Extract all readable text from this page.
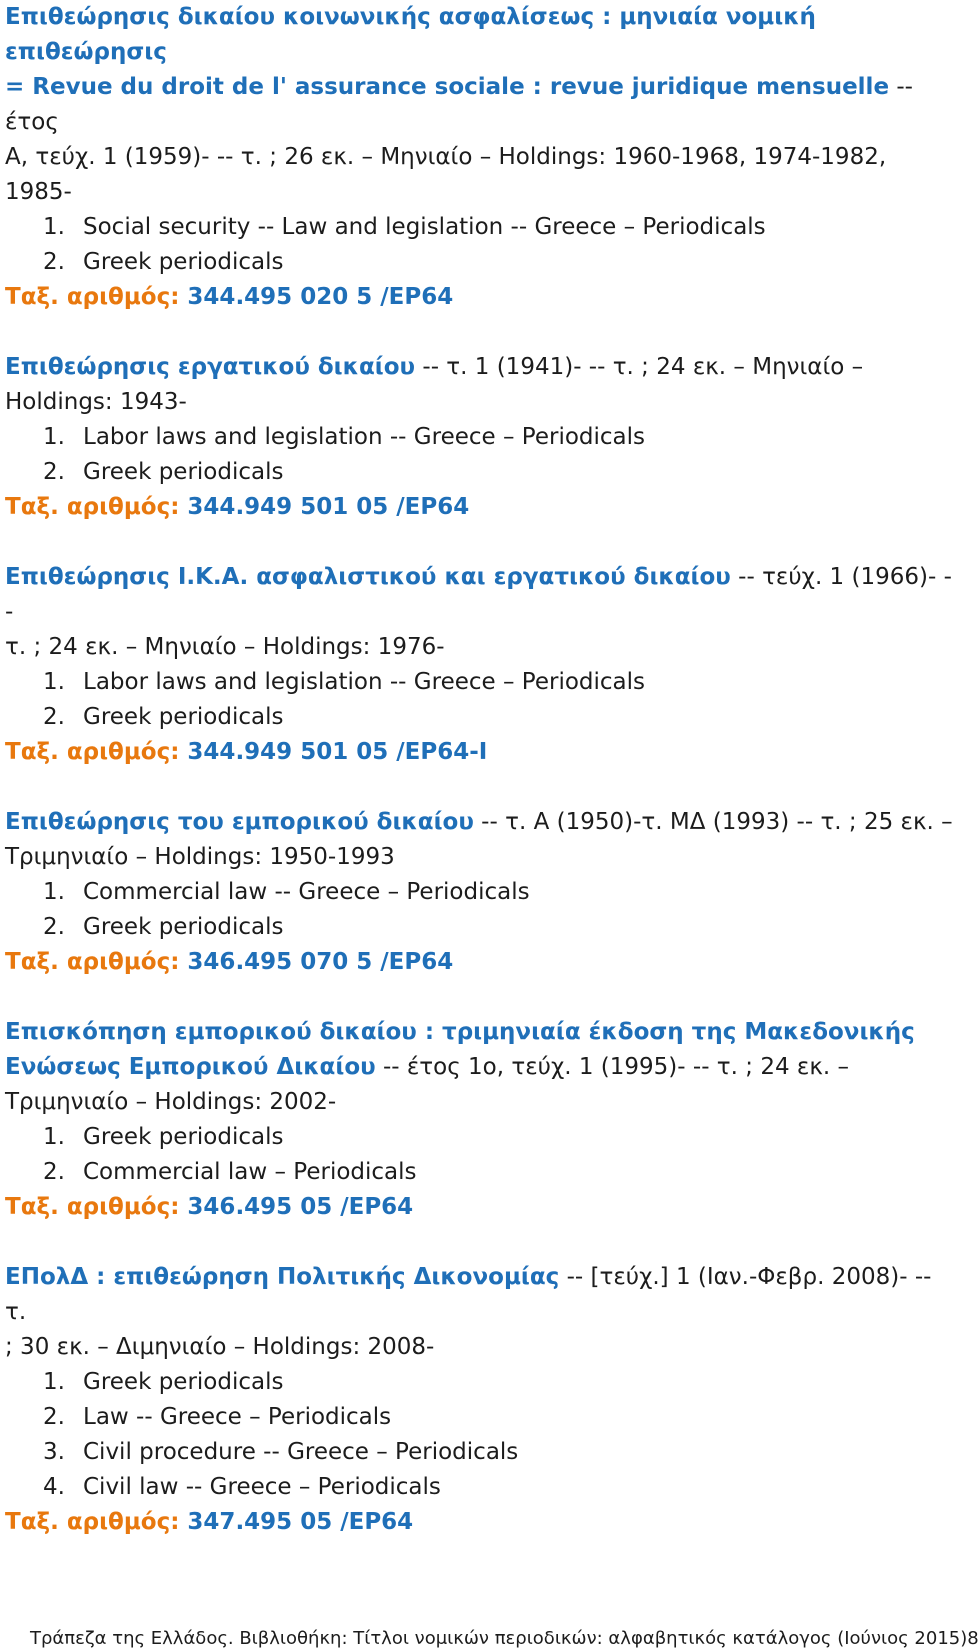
Επιθεώρησις δικαίου κοινωνικής ασφαλίσεως : μηνιαία νομική επιθεώρησις
= Revue du droit de l' assurance sociale : revue juridique mensuelle -- έτος
Α, τεύχ. 1 (1959)- -- τ. ; 26 εκ. – Μηνιαίο – Holdings: 1960-1968, 1974-1982, 1985-
1. Social security -- Law and legislation -- Greece – Periodicals
2. Greek periodicals
Ταξ. αριθμός: 344.495 020 5 /ΕΡ64
Επιθεώρησις εργατικού δικαίου -- τ. 1 (1941)- -- τ. ; 24 εκ. – Μηνιαίο –
Holdings: 1943-
1. Labor laws and legislation -- Greece – Periodicals
2. Greek periodicals
Ταξ. αριθμός: 344.949 501 05 /ΕΡ64
Επιθεώρησις Ι.Κ.Α. ασφαλιστικού και εργατικού δικαίου -- τεύχ. 1 (1966)- --
τ. ; 24 εκ. – Μηνιαίο – Holdings: 1976-
1. Labor laws and legislation -- Greece – Periodicals
2. Greek periodicals
Ταξ. αριθμός: 344.949 501 05 /ΕΡ64-Ι
Επιθεώρησις του εμπορικού δικαίου -- τ. Α (1950)-τ. ΜΔ (1993) -- τ. ; 25 εκ. –
Τριμηνιαίο – Holdings: 1950-1993
1. Commercial law -- Greece – Periodicals
2. Greek periodicals
Ταξ. αριθμός: 346.495 070 5 /ΕΡ64
Επισκόπηση εμπορικού δικαίου : τριμηνιαία έκδοση της Μακεδονικής
Ενώσεως Εμπορικού Δικαίου -- έτος 1ο, τεύχ. 1 (1995)- -- τ. ; 24 εκ. –
Τριμηνιαίο – Holdings: 2002-
1. Greek periodicals
2. Commercial law – Periodicals
Ταξ. αριθμός: 346.495 05 /ΕΡ64
ΕΠολΔ : επιθεώρηση Πολιτικής Δικονομίας -- [τεύχ.] 1 (Ιαν.-Φεβρ. 2008)- -- τ.
; 30 εκ. – Διμηνιαίο – Holdings: 2008-
1. Greek periodicals
2. Law -- Greece – Periodicals
3. Civil procedure -- Greece – Periodicals
4. Civil law -- Greece – Periodicals
Ταξ. αριθμός: 347.495 05 /ΕΡ64
Τράπεζα της Ελλάδος. Βιβλιοθήκη: Τίτλοι νομικών περιοδικών: αλφαβητικός κατάλογος (Ιούνιος 2015) 8
